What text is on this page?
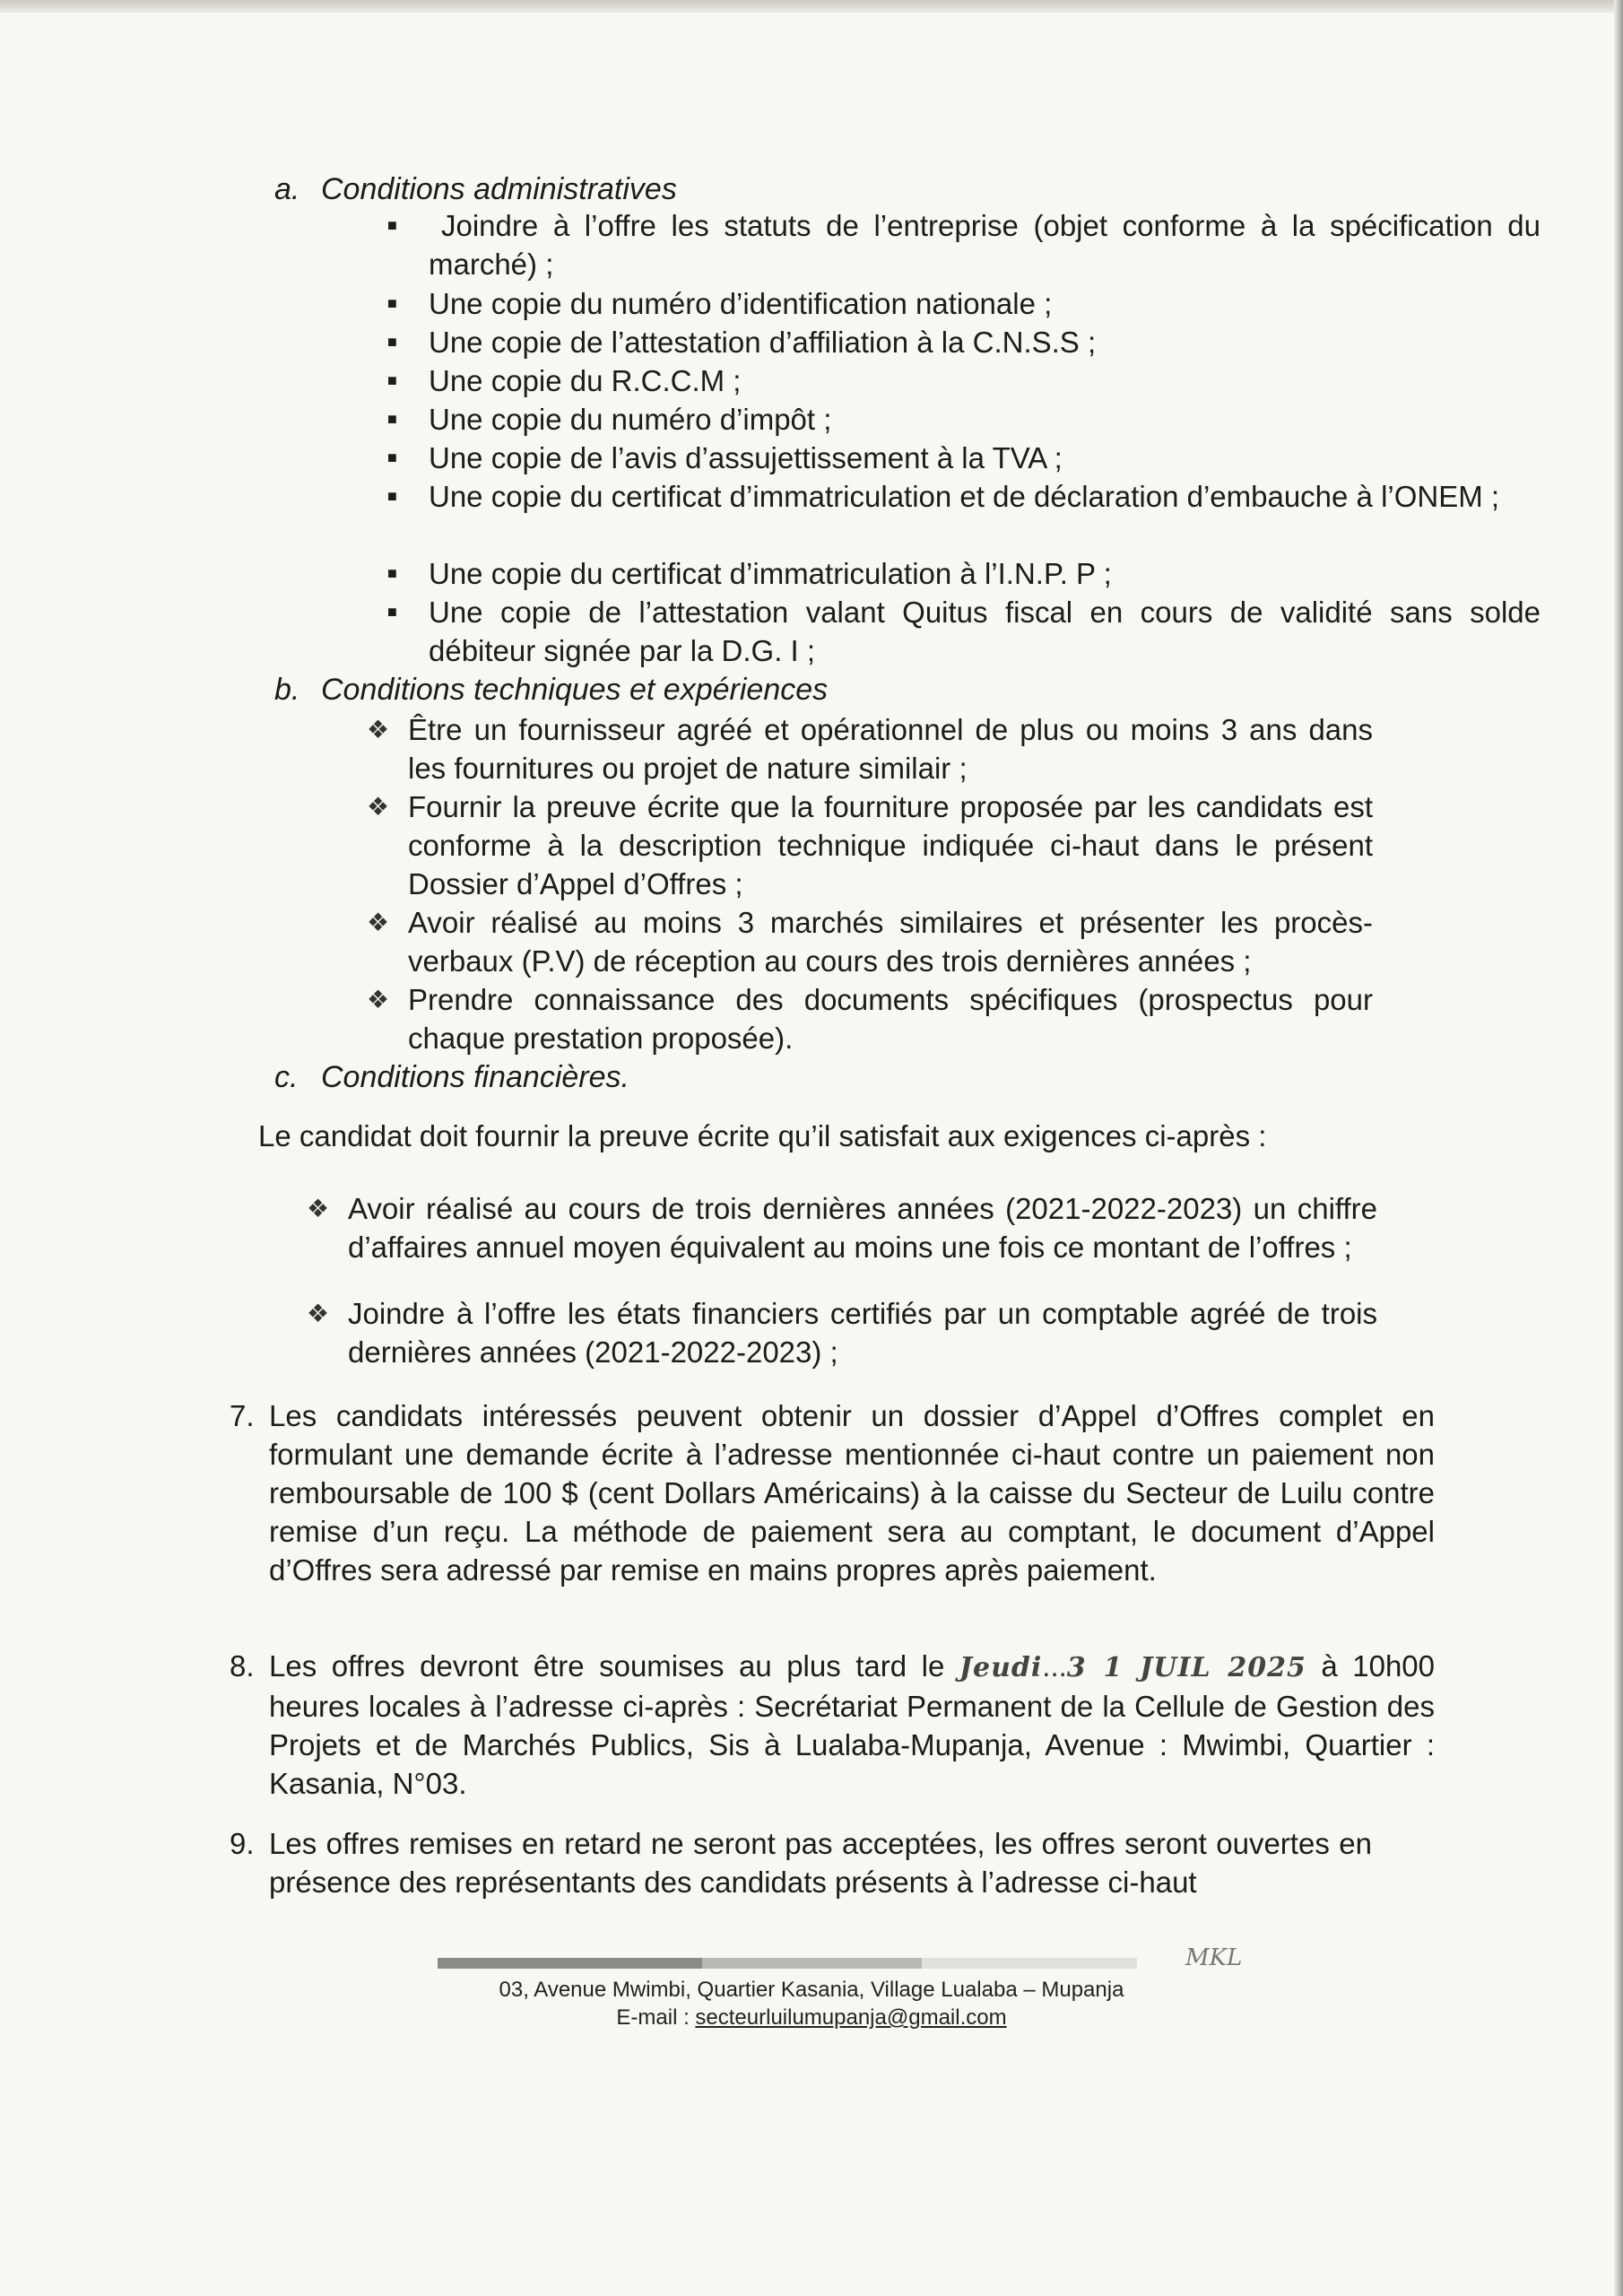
a. Conditions administratives
■	Joindre à l’offre les statuts de l’entreprise (objet conforme à la spécification du marché) ;

■ Une copie du numéro d’identification nationale ;

■ Une copie de l’attestation d’affiliation à la C.N.S.S ;

■ Une copie du R.C.C.M ;

■ Une copie du numéro d’impôt ;

■ Une copie de l’avis d’assujettissement à la TVA ;

■ Une copie du certificat d’immatriculation et de déclaration d’embauche à l’ONEM ;

■ Une copie du certificat d’immatriculation à l’I.N.P. P ;

■ Une copie de l’attestation valant Quitus fiscal en cours de validité sans solde débiteur signée par la D.G. I ;

b. Conditions techniques et expériences
❖ Être un fournisseur agréé et opérationnel de plus ou moins 3 ans dans les fournitures ou projet de nature similair ;

❖ Fournir la preuve écrite que la fourniture proposée par les candidats est conforme à la description technique indiquée ci-haut dans le présent Dossier d’Appel d’Offres ;

❖ Avoir réalisé au moins 3 marchés similaires et présenter les procès-verbaux (P.V) de réception au cours des trois dernières années ;

❖ Prendre connaissance des documents spécifiques (prospectus pour chaque prestation proposée).

c. Conditions financières.

Le candidat doit fournir la preuve écrite qu’il satisfait aux exigences ci-après :

❖ Avoir réalisé au cours de trois dernières années (2021-2022-2023) un chiffre d’affaires annuel moyen équivalent au moins une fois ce montant de l’offres ;

❖ Joindre à l’offre les états financiers certifiés par un comptable agréé de trois dernières années (2021-2022-2023) ;

7. Les candidats intéressés peuvent obtenir un dossier d’Appel d’Offres complet en formulant une demande écrite à l’adresse mentionnée ci-haut contre un paiement non remboursable de 100 $ (cent Dollars Américains) à la caisse du Secteur de Luilu contre remise d’un reçu. La méthode de paiement sera au comptant, le document d’Appel d’Offres sera adressé par remise en mains propres après paiement.

8. Les offres devront être soumises au plus tard le Jeudi...3 1 JUIL 2025 à 10h00 heures locales à l’adresse ci-après : Secrétariat Permanent de la Cellule de Gestion des Projets et de Marchés Publics, Sis à Lualaba-Mupanja, Avenue : Mwimbi, Quartier : Kasania, N°03.

9. Les offres remises en retard ne seront pas acceptées, les offres seront ouvertes en présence des représentants des candidats présents à l’adresse ci-haut

MKL
03, Avenue Mwimbi, Quartier Kasania, Village Lualaba – Mupanja
E-mail : secteurluilumupanja@gmail.com
